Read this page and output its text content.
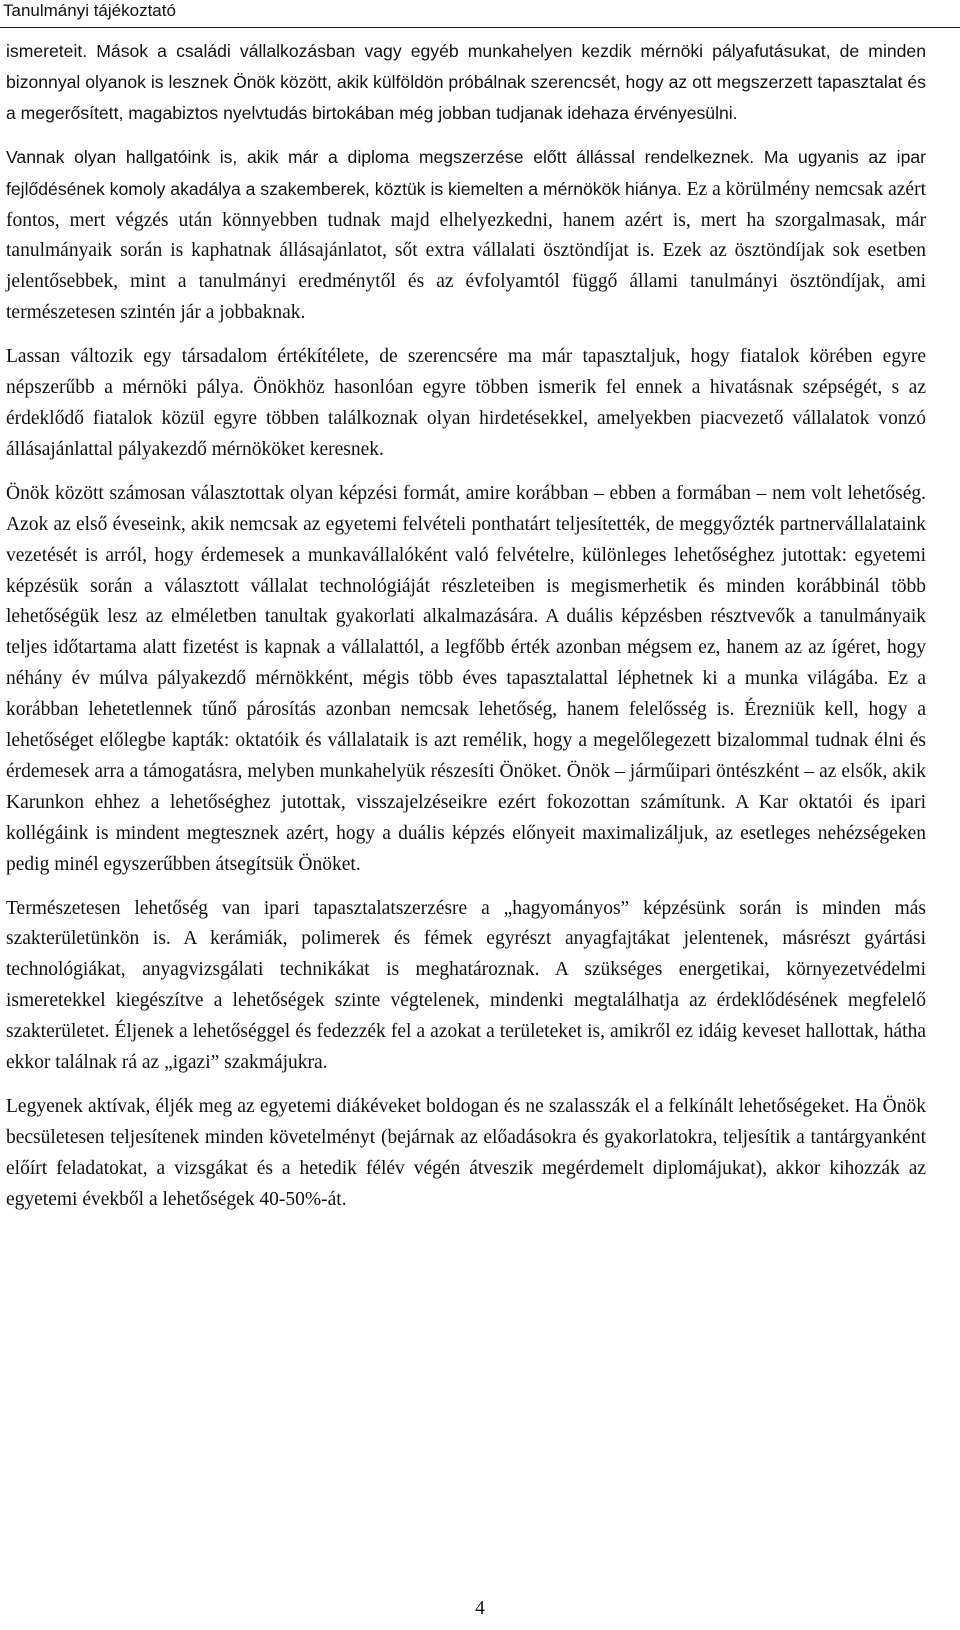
Tanulmányi tájékoztató

ismereteit. Mások a családi vállalkozásban vagy egyéb munkahelyen kezdik mérnöki pályafutásukat, de minden bizonnyal olyanok is lesznek Önök között, akik külföldön próbálnak szerencsét, hogy az ott megszerzett tapasztalat és a megerősített, magabiztos nyelvtudás birtokában még jobban tudjanak idehaza érvényesülni.

Vannak olyan hallgatóink is, akik már a diploma megszerzése előtt állással rendelkeznek. Ma ugyanis az ipar fejlődésének komoly akadálya a szakemberek, köztük is kiemelten a mérnökök hiánya. Ez a körülmény nemcsak azért fontos, mert végzés után könnyebben tudnak majd elhelyezkedni, hanem azért is, mert ha szorgalmasak, már tanulmányaik során is kaphatnak állásajánlatot, sőt extra vállalati ösztöndíjat is. Ezek az ösztöndíjak sok esetben jelentősebbek, mint a tanulmányi eredménytől és az évfolyamtól függő állami tanulmányi ösztöndíjak, ami természetesen szintén jár a jobbaknak.

Lassan változik egy társadalom értékítélete, de szerencsére ma már tapasztaljuk, hogy fiatalok körében egyre népszerűbb a mérnöki pálya. Önökhöz hasonlóan egyre többen ismerik fel ennek a hivatásnak szépségét, s az érdeklődő fiatalok közül egyre többen találkoznak olyan hirdetésekkel, amelyekben piacvezető vállalatok vonzó állásajánlattal pályakezdő mérnököket keresnek.

Önök között számosan választottak olyan képzési formát, amire korábban – ebben a formában – nem volt lehetőség. Azok az első éveseink, akik nemcsak az egyetemi felvételi ponthatárt teljesítették, de meggyőzték partnervállalataink vezetését is arról, hogy érdemesek a munkavállalóként való felvételre, különleges lehetőséghez jutottak: egyetemi képzésük során a választott vállalat technológiáját részleteiben is megismerhetik és minden korábbinál több lehetőségük lesz az elméletben tanultak gyakorlati alkalmazására. A duális képzésben résztvevők a tanulmányaik teljes időtartama alatt fizetést is kapnak a vállalattól, a legfőbb érték azonban mégsem ez, hanem az az ígéret, hogy néhány év múlva pályakezdő mérnökként, mégis több éves tapasztalattal léphetnek ki a munka világába. Ez a korábban lehetetlennek tűnő párosítás azonban nemcsak lehetőség, hanem felelősség is. Érezniük kell, hogy a lehetőséget előlegbe kapták: oktatóik és vállalataik is azt remélik, hogy a megelőlegezett bizalommal tudnak élni és érdemesek arra a támogatásra, melyben munkahelyük részesíti Önöket. Önök – járműipari öntészként – az elsők, akik Karunkon ehhez a lehetőséghez jutottak, visszajelzéseikre ezért fokozottan számítunk. A Kar oktatói és ipari kollégáink is mindent megtesznek azért, hogy a duális képzés előnyeit maximalizáljuk, az esetleges nehézségeken pedig minél egyszerűbben átsegítsük Önöket.

Természetesen lehetőség van ipari tapasztalatszerzésre a „hagyományos” képzésünk során is minden más szakterületünkön is. A kerámiák, polimerek és fémek egyrészt anyagfajtákat jelentenek, másrészt gyártási technológiákat, anyagvizsgálati technikákat is meghatároznak. A szükséges energetikai, környezetvédelmi ismeretekkel kiegészítve a lehetőségek szinte végtelenek, mindenki megtalálhatja az érdeklődésének megfelelő szakterületet. Éljenek a lehetőséggel és fedezzék fel a azokat a területeket is, amikről ez idáig keveset hallottak, hátha ekkor találnak rá az „igazi” szakmájukra.

Legyenek aktívak, éljék meg az egyetemi diákéveket boldogan és ne szalasszák el a felkínált lehetőségeket. Ha Önök becsületesen teljesítenek minden követelményt (bejárnak az előadásokra és gyakorlatokra, teljesítik a tantárgyanként előírt feladatokat, a vizsgákat és a hetedik félév végén átveszik megérdemelt diplomájukat), akkor kihozzák az egyetemi évekből a lehetőségek 40-50%-át.

4
